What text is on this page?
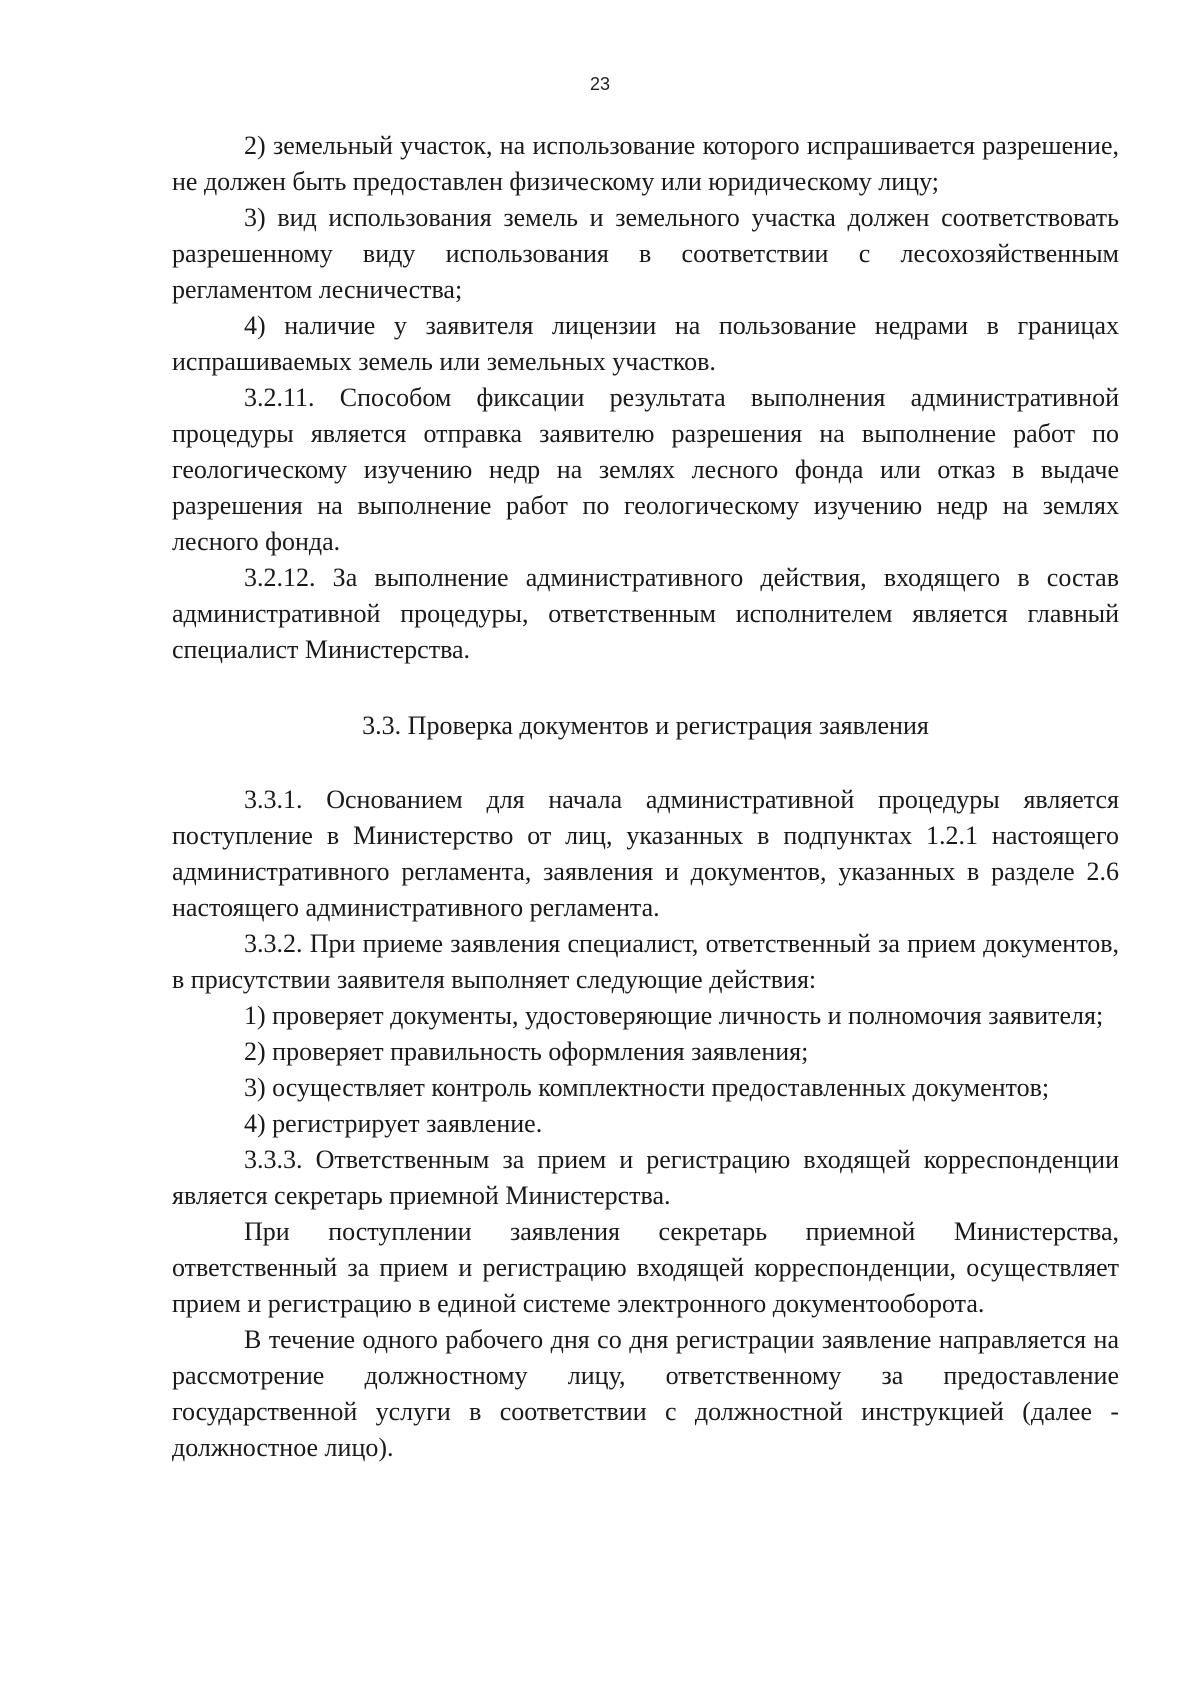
23

2) земельный участок, на использование которого испрашивается разрешение, не должен быть предоставлен физическому или юридическому лицу;

3) вид использования земель и земельного участка должен соответствовать разрешенному виду использования в соответствии с лесохозяйственным регламентом лесничества;

4) наличие у заявителя лицензии на пользование недрами в границах испрашиваемых земель или земельных участков.

3.2.11. Способом фиксации результата выполнения административной процедуры является отправка заявителю разрешения на выполнение работ по геологическому изучению недр на землях лесного фонда или отказ в выдаче разрешения на выполнение работ по геологическому изучению недр на землях лесного фонда.

3.2.12. За выполнение административного действия, входящего в состав административной процедуры, ответственным исполнителем является главный специалист Министерства.

3.3. Проверка документов и регистрация заявления

3.3.1. Основанием для начала административной процедуры является поступление в Министерство от лиц, указанных в подпунктах 1.2.1 настоящего административного регламента, заявления и документов, указанных в разделе 2.6 настоящего административного регламента.

3.3.2. При приеме заявления специалист, ответственный за прием документов, в присутствии заявителя выполняет следующие действия:

1) проверяет документы, удостоверяющие личность и полномочия заявителя;

2) проверяет правильность оформления заявления;

3) осуществляет контроль комплектности предоставленных документов;

4) регистрирует заявление.

3.3.3. Ответственным за прием и регистрацию входящей корреспонденции является секретарь приемной Министерства.

При поступлении заявления секретарь приемной Министерства, ответственный за прием и регистрацию входящей корреспонденции, осуществляет прием и регистрацию в единой системе электронного документооборота.

В течение одного рабочего дня со дня регистрации заявление направляется на рассмотрение должностному лицу, ответственному за предоставление государственной услуги в соответствии с должностной инструкцией (далее - должностное лицо).
